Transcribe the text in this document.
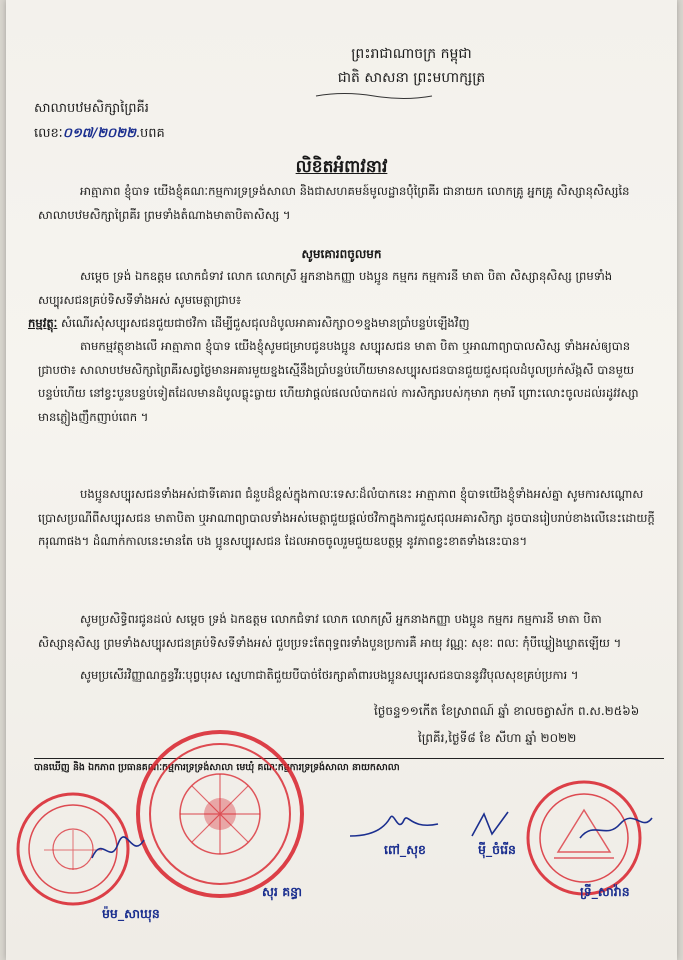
ព្រះរាជាណាចក្រ កម្ពុជា
ជាតិ សាសនា ព្រះមហាក្សត្រ
សាលាបឋមសិក្សាព្រៃគីរ
លេខៈ០១៧/២០២២.បពគ
លិខិតអំពាវនាវ
អាត្មាភាព ខ្ញុំបាទ យើងខ្ញុំគណៈកម្មការទ្រទ្រង់សាលា និងជាសហគមន៍មូលដ្ឋានប៉ុំព្រៃគីរ ជានាយក លោកគ្រូ អ្នកគ្រូ សិស្សានុសិស្សនៃសាលាបឋមសិក្សាព្រៃគីរ ព្រមទាំងតំណាងមាតាបិតាសិស្ស ។
សូមគោរពចូលមក
សម្តេច ទ្រង់ ឯកឧត្តម លោកជំទាវ លោក លោកស្រី អ្នកនាងកញ្ញា បងប្អូន កម្មករ កម្មការនី មាតា បិតា សិស្សានុសិស្ស ព្រមទាំងសប្បុរសជនគ្រប់ទិសទីទាំងអស់ សូមមេត្តាជ្រាប៖
កម្មវត្ថុៈ សំណើរសុំសប្បុរសជនជួយជាថវិកា ដើម្បីជួសជុលដំបូលអាគារសិក្សា០១ខ្នងមានប្រាំបន្ទប់ឡើងវិញ
តាមកម្មវត្ថុខាងលើ អាត្មាភាព ខ្ញុំបាទ យើងខ្ញុំសូមជម្រាបជូនបងប្អូន សប្បុរសជន មាតា បិតា ឬអាណាព្យាបាលសិស្ស ទាំងអស់ឲ្យបានជ្រាបថា៖ សាលាបឋមសិក្សាព្រៃគីរសព្វថ្ងៃមានអគារមួយខ្នងស្មើនឹងប្រាំបន្ទប់ហើយមានសប្បុរសជនបានជួយជួសជុលដំបូលប្រក់ស័ង្កសី បានមួយបន្ទប់ហើយ នៅខ្វះបួនបន្ទប់ទៀតដែលមានដំបូលធ្លុះធ្លាយ ហើយវាផ្តល់ផលលំបាកដល់ ការសិក្សារបស់កុមារា កុមារី ព្រោះលោះចូលដល់រដូវវស្សាមានភ្លៀងញឹកញាប់ពេក ។
បងប្អូនសប្បុរសជនទាំងអស់ជាទីគោរព ជំនួបដ៏ខ្ពស់ក្នុងកាលៈទេសៈដ៏លំបាកនេះ អាត្មាភាព ខ្ញុំបាទយើងខ្ញុំទាំងអស់គ្នា សូមការសណ្តោសប្រោសប្រណីពីសប្បុរសជន មាតាបិតា ឬអាណាព្យាបាលទាំងអស់មេត្តាជួយផ្តល់ថវិកាក្នុងការជួសជុលអគារសិក្សា ដូចបានរៀបរាប់ខាងលើនេះដោយក្តីករុណាផង។ ដំណាក់កាលនេះមានតែ បង ប្អូនសប្បុរសជន ដែលអាចចូលរួមជួយឧបត្ថម្ភ នូវភាពខ្វះខាតទាំងនេះបាន។
សូមប្រសិទ្ធិពរជូនដល់ សម្តេច ទ្រង់ ឯកឧត្តម លោកជំទាវ លោក លោកស្រី អ្នកនាងកញ្ញា បងប្អូន កម្មករ កម្មការនី មាតា បិតាសិស្សានុសិស្ស ព្រមទាំងសប្បុរសជនគ្រប់ទិសទីទាំងអស់ ជួបប្រទះតែពុទ្ធពរទាំងបួនប្រការគឺ អាយុ វណ្ណៈ សុខៈ ពលៈ កុំបីឃ្លៀងឃ្លាតឡើយ ។
សូមប្រសើរវិញ្ញាណក្ខន្ធវីរៈបុព្វបុរស ស្នេហាជាតិជួយបីបាច់ថែរក្សាគាំពារបងប្អូនសប្បុរសជនបាននូវវិបុលសុខគ្រប់ប្រការ ។
ថ្ងៃចន្ទ១១កើត ខែស្រាពណ៍ ឆ្នាំ ខាលចត្វាស័ក ព.ស.២៥៦៦
ព្រៃគីរ,ថ្ងៃទី៨ ខែ សីហា ឆ្នាំ ២០២២
បានឃើញ និង ឯកភាព ប្រធានគណៈកម្មការទ្រទ្រង់សាលា មេឃុំ គណៈកម្មការទ្រទ្រង់សាលា នាយកសាលា
ម៉ម_សាឃុន
សុរ គន្ធា
ពៅ_សុខ	ម៉ី_ចំរើន
ទ្រី_សាវ៉ាន
